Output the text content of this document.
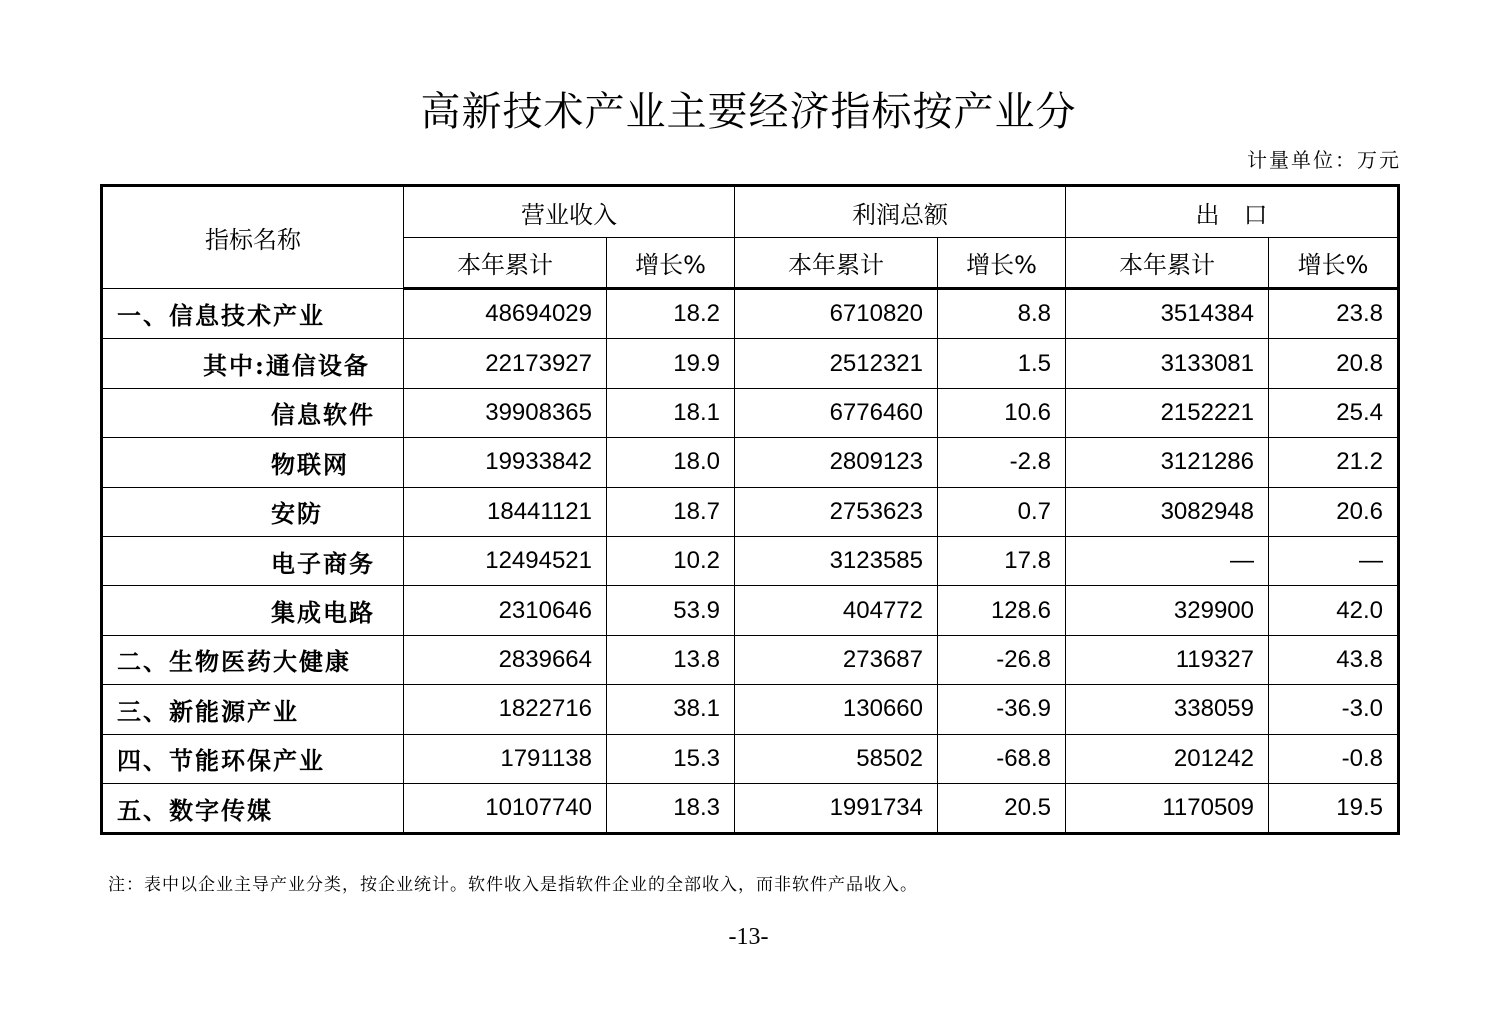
高新技术产业主要经济指标按产业分
计量单位：万元
指标名称	营业收入		利润总额		出　口	
	本年累计	增长%	本年累计	增长%	本年累计	增长%
一、信息技术产业	48694029	18.2	6710820	8.8	3514384	23.8
其中:通信设备	22173927	19.9	2512321	1.5	3133081	20.8
信息软件	39908365	18.1	6776460	10.6	2152221	25.4
物联网	19933842	18.0	2809123	-2.8	3121286	21.2
安防	18441121	18.7	2753623	0.7	3082948	20.6
电子商务	12494521	10.2	3123585	17.8	—	—
集成电路	2310646	53.9	404772	128.6	329900	42.0
二、生物医药大健康	2839664	13.8	273687	-26.8	119327	43.8
三、新能源产业	1822716	38.1	130660	-36.9	338059	-3.0
四、节能环保产业	1791138	15.3	58502	-68.8	201242	-0.8
五、数字传媒	10107740	18.3	1991734	20.5	1170509	19.5
注：表中以企业主导产业分类，按企业统计。软件收入是指软件企业的全部收入，而非软件产品收入。
-13-
